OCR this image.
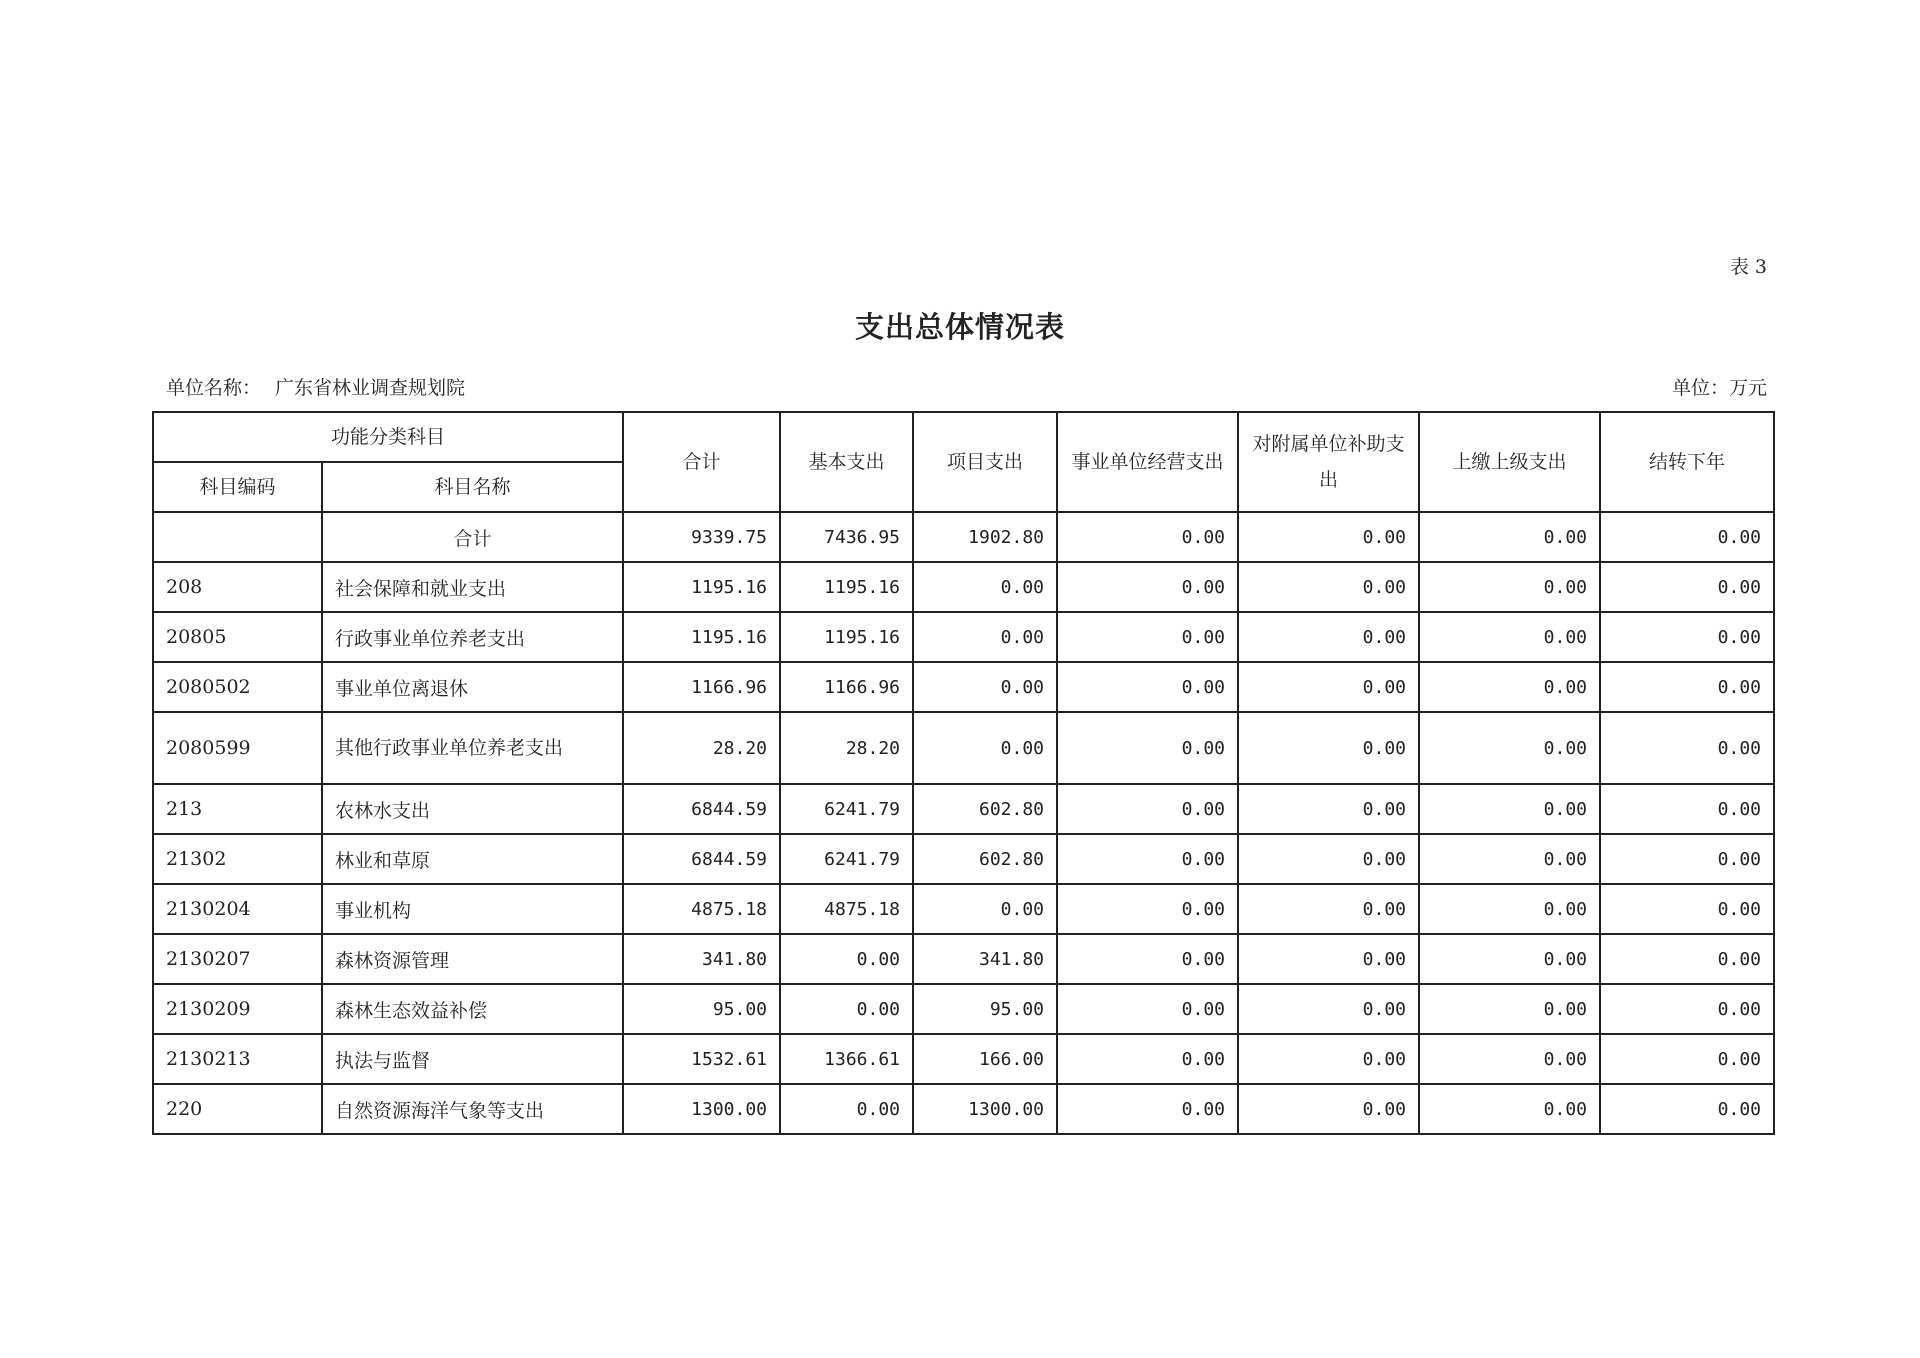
表 3
支出总体情况表
单位名称： 广东省林业调查规划院	单位：万元
功能分类科目		合计	基本支出	项目支出	事业单位经营支出	对附属单位补助支出	上缴上级支出	结转下年
科目编码	科目名称							
	合计	9339.75	7436.95	1902.80	0.00	0.00	0.00	0.00
208	社会保障和就业支出	1195.16	1195.16	0.00	0.00	0.00	0.00	0.00
20805	行政事业单位养老支出	1195.16	1195.16	0.00	0.00	0.00	0.00	0.00
2080502	事业单位离退休	1166.96	1166.96	0.00	0.00	0.00	0.00	0.00
2080599	其他行政事业单位养老支出	28.20	28.20	0.00	0.00	0.00	0.00	0.00
213	农林水支出	6844.59	6241.79	602.80	0.00	0.00	0.00	0.00
21302	林业和草原	6844.59	6241.79	602.80	0.00	0.00	0.00	0.00
2130204	事业机构	4875.18	4875.18	0.00	0.00	0.00	0.00	0.00
2130207	森林资源管理	341.80	0.00	341.80	0.00	0.00	0.00	0.00
2130209	森林生态效益补偿	95.00	0.00	95.00	0.00	0.00	0.00	0.00
2130213	执法与监督	1532.61	1366.61	166.00	0.00	0.00	0.00	0.00
220	自然资源海洋气象等支出	1300.00	0.00	1300.00	0.00	0.00	0.00	0.00
